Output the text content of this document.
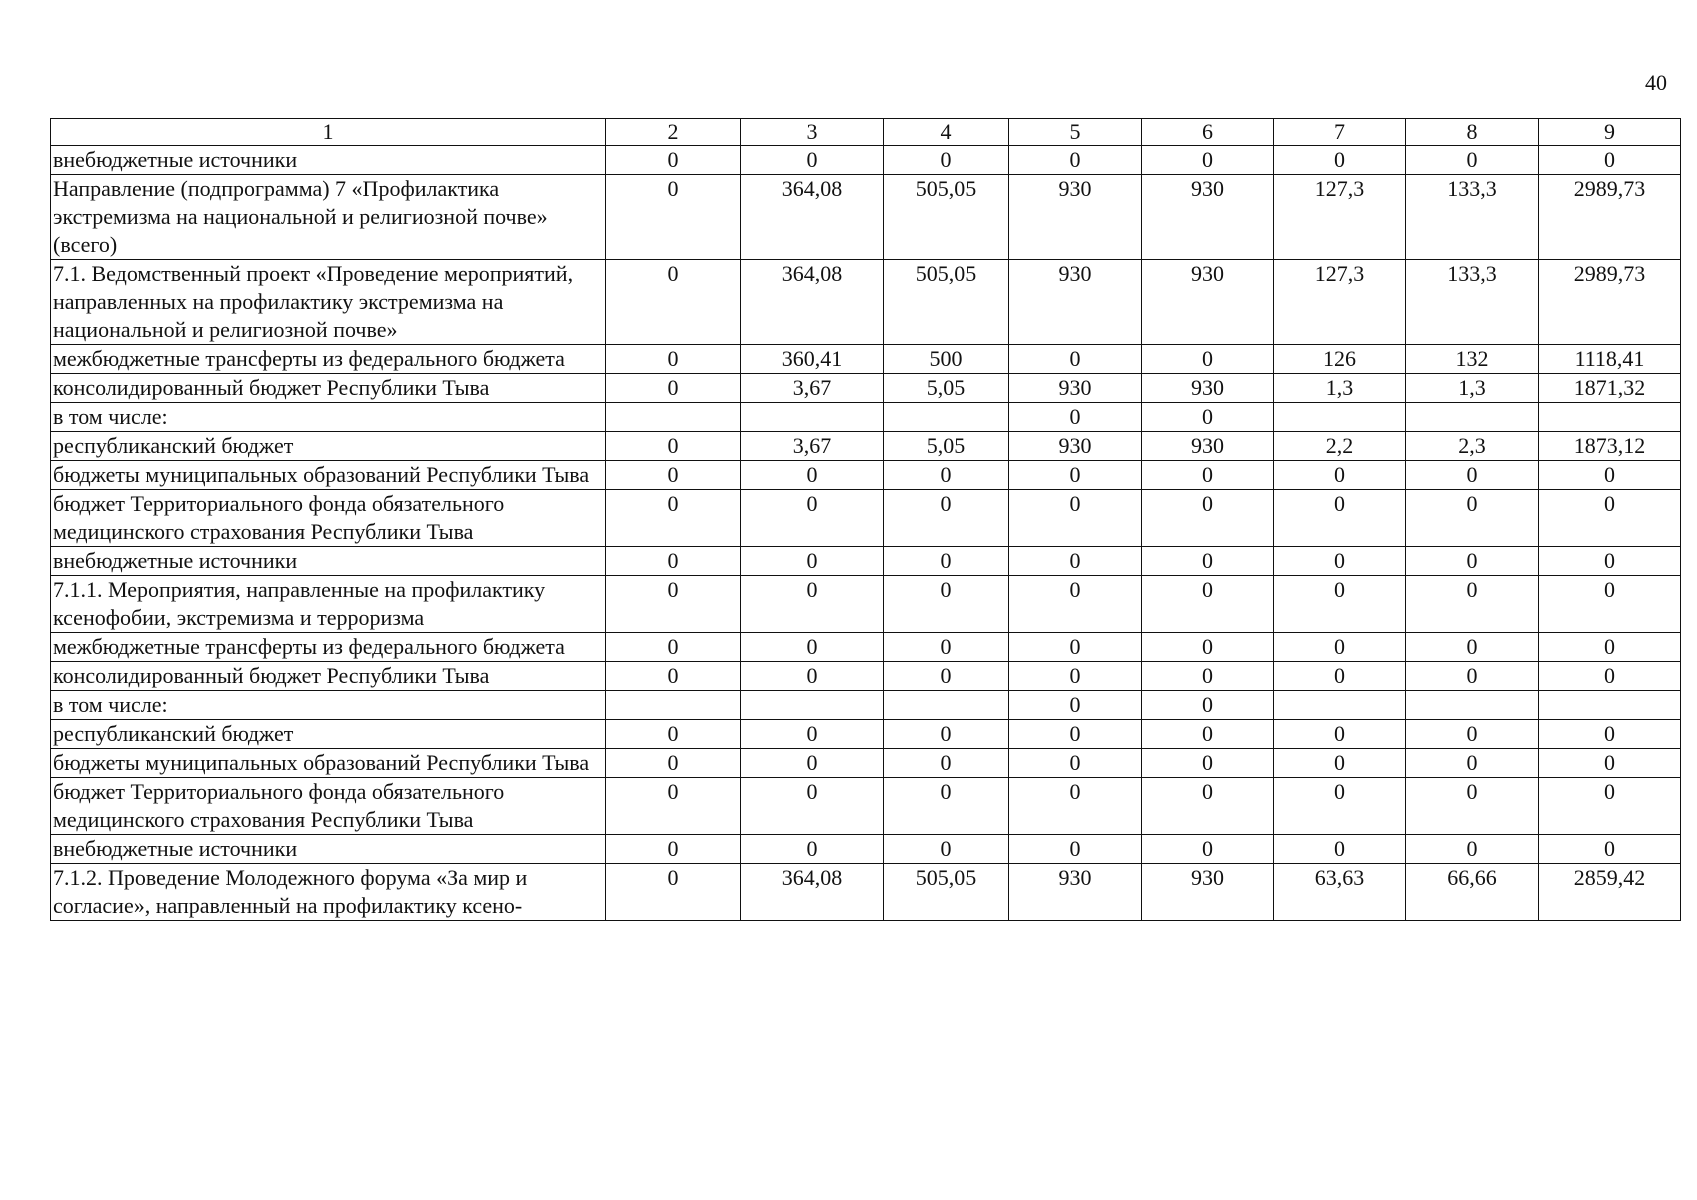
40
1	2	3	4	5	6	7	8	9
внебюджетные источники	0	0	0	0	0	0	0	0
Направление (подпрограмма) 7 «Профилактика экстремизма на национальной и религиозной почве» (всего)	0	364,08	505,05	930	930	127,3	133,3	2989,73
7.1. Ведомственный проект «Проведение мероприятий, направленных на профилактику экстремизма на национальной и религиозной почве»	0	364,08	505,05	930	930	127,3	133,3	2989,73
межбюджетные трансферты из федерального бюджета	0	360,41	500	0	0	126	132	1118,41
консолидированный бюджет Республики Тыва	0	3,67	5,05	930	930	1,3	1,3	1871,32
в том числе:				0	0			
республиканский бюджет	0	3,67	5,05	930	930	2,2	2,3	1873,12
бюджеты муниципальных образований Республики Тыва	0	0	0	0	0	0	0	0
бюджет Территориального фонда обязательного медицинского страхования Республики Тыва	0	0	0	0	0	0	0	0
внебюджетные источники	0	0	0	0	0	0	0	0
7.1.1. Мероприятия, направленные на профилактику ксенофобии, экстремизма и терроризма	0	0	0	0	0	0	0	0
межбюджетные трансферты из федерального бюджета	0	0	0	0	0	0	0	0
консолидированный бюджет Республики Тыва	0	0	0	0	0	0	0	0
в том числе:				0	0			
республиканский бюджет	0	0	0	0	0	0	0	0
бюджеты муниципальных образований Республики Тыва	0	0	0	0	0	0	0	0
бюджет Территориального фонда обязательного медицинского страхования Республики Тыва	0	0	0	0	0	0	0	0
внебюджетные источники	0	0	0	0	0	0	0	0
7.1.2. Проведение Молодежного форума «За мир и согласие», направленный на профилактику ксено-	0	364,08	505,05	930	930	63,63	66,66	2859,42
